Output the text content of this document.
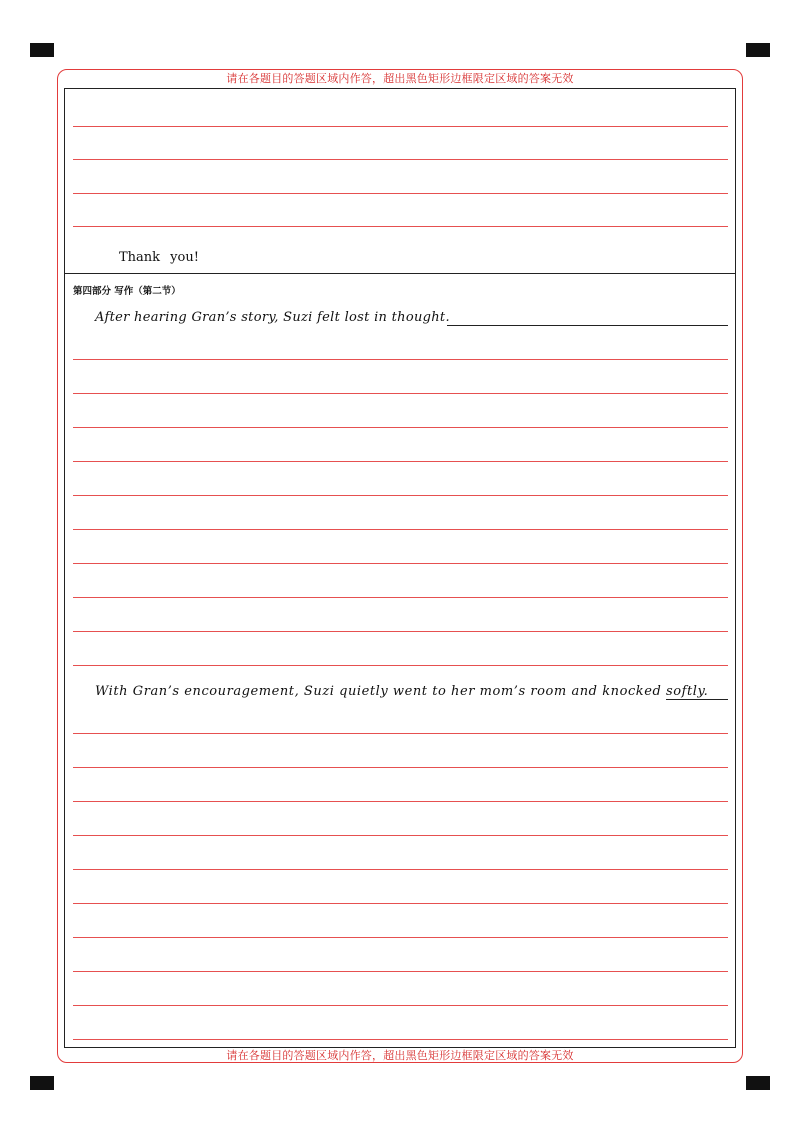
请在各题目的答题区域内作答，超出黑色矩形边框限定区域的答案无效
请在各题目的答题区域内作答，超出黑色矩形边框限定区域的答案无效
Thank you!
第四部分 写作（第二节）
After hearing Gran’s story, Suzi felt lost in thought.
With Gran’s encouragement, Suzi quietly went to her mom’s room and knocked softly.
